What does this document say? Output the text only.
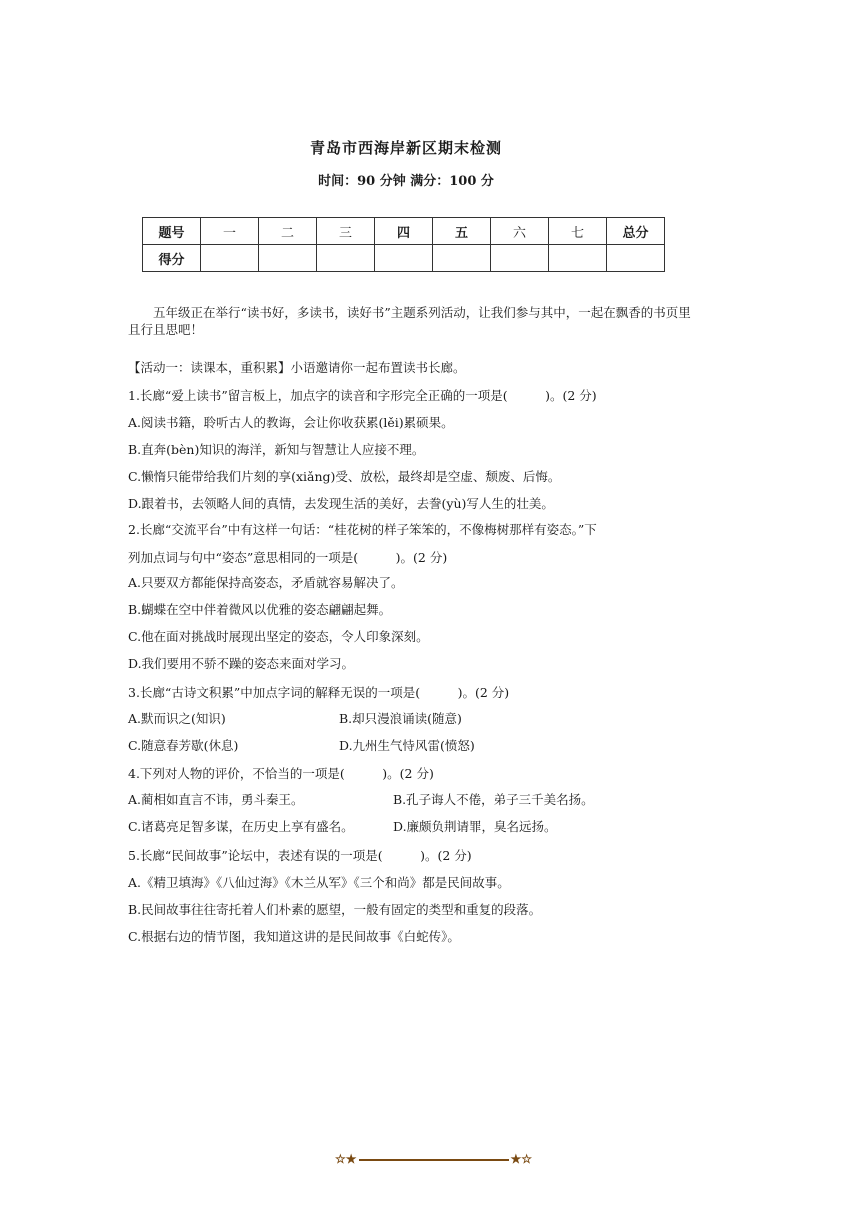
青岛市西海岸新区期末检测
时间：90 分钟 满分：100 分
题号	一	二	三	四	五	六	七	总分
得分								

五年级正在举行“读书好，多读书，读好书”主题系列活动，让我们参与其中，一起在飘香的书页里且行且思吧！

【活动一：读课本，重积累】小语邀请你一起布置读书长廊。

1.长廊“爱上读书”留言板上，加点字的读音和字形完全正确的一项是(　　　)。(2 分)

A.阅读书籍，聆听古人的教诲，会让你收获累(lěi)累硕果。

B.直奔(bèn)知识的海洋，新知与智慧让人应接不理。

C.懒惰只能带给我们片刻的享(xiǎng)受、放松，最终却是空虚、颓废、后悔。

D.跟着书，去领略人间的真情，去发现生活的美好，去誊(yù)写人生的壮美。

2.长廊“交流平台”中有这样一句话：“桂花树的样子笨笨的，不像梅树那样有姿态。”下

列加点词与句中“姿态”意思相同的一项是(　　　)。(2 分)

A.只要双方都能保持高姿态，矛盾就容易解决了。

B.蝴蝶在空中伴着微风以优雅的姿态翩翩起舞。

C.他在面对挑战时展现出坚定的姿态，令人印象深刻。

D.我们要用不骄不躁的姿态来面对学习。

3.长廊“古诗文积累”中加点字词的解释无误的一项是(　　　)。(2 分)

A.默而识之(知识)	B.却只漫浪诵读(随意)

C.随意春芳歇(休息)	D.九州生气恃风雷(愤怒)

4.下列对人物的评价，不恰当的一项是(　　　)。(2 分)

A.蔺相如直言不讳，勇斗秦王。	B.孔子诲人不倦，弟子三千美名扬。

C.诸葛亮足智多谋，在历史上享有盛名。	D.廉颇负荆请罪，臭名远扬。

5.长廊“民间故事”论坛中，表述有误的一项是(　　　)。(2 分)

A.《精卫填海》《八仙过海》《木兰从军》《三个和尚》都是民间故事。

B.民间故事往往寄托着人们朴素的愿望，一般有固定的类型和重复的段落。

C.根据右边的情节图，我知道这讲的是民间故事《白蛇传》。

☆★	★☆
